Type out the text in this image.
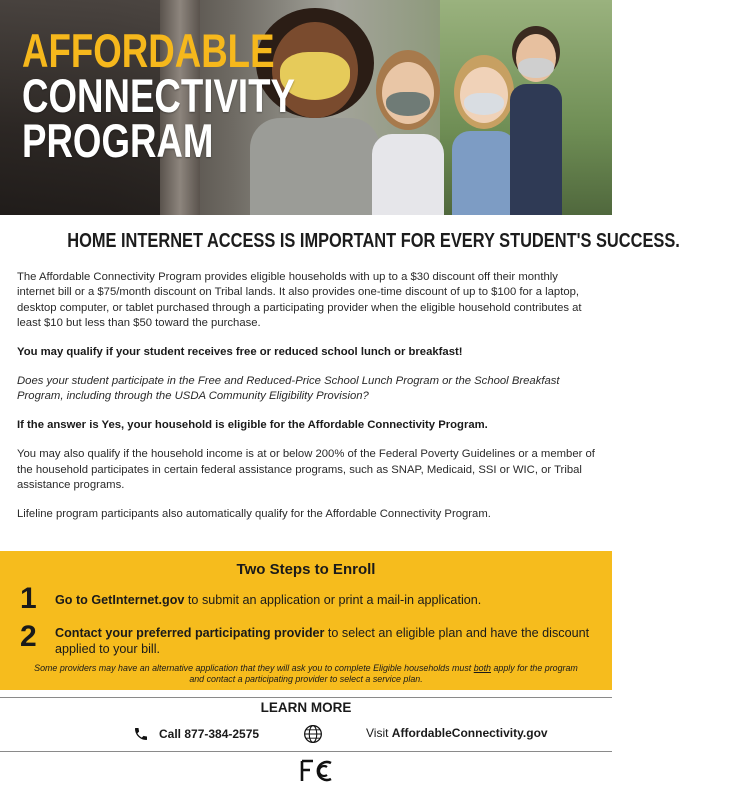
AFFORDABLE
CONNECTIVITY
PROGRAM
HOME INTERNET ACCESS IS IMPORTANT FOR EVERY STUDENT'S SUCCESS.

The Affordable Connectivity Program provides eligible households with up to a $30 discount off their monthly internet bill or a $75/month discount on Tribal lands. It also provides one-time discount of up to $100 for a laptop, desktop computer, or tablet purchased through a participating provider when the eligible household contributes at least $10 but less than $50 toward the purchase.

You may qualify if your student receives free or reduced school lunch or breakfast!

Does your student participate in the Free and Reduced-Price School Lunch Program or the School Breakfast Program, including through the USDA Community Eligibility Provision?

If the answer is Yes, your household is eligible for the Affordable Connectivity Program.

You may also qualify if the household income is at or below 200% of the Federal Poverty Guidelines or a member of the household participates in certain federal assistance programs, such as SNAP, Medicaid, SSI or WIC, or Tribal assistance programs.

Lifeline program participants also automatically qualify for the Affordable Connectivity Program.

Two Steps to Enroll
1 Go to GetInternet.gov to submit an application or print a mail-in application.
2 Contact your preferred participating provider to select an eligible plan and have the discount applied to your bill.
Some providers may have an alternative application that they will ask you to complete Eligible households must both apply for the program and contact a participating provider to select a service plan.
LEARN MORE
Call 877-384-2575	Visit AffordableConnectivity.gov
